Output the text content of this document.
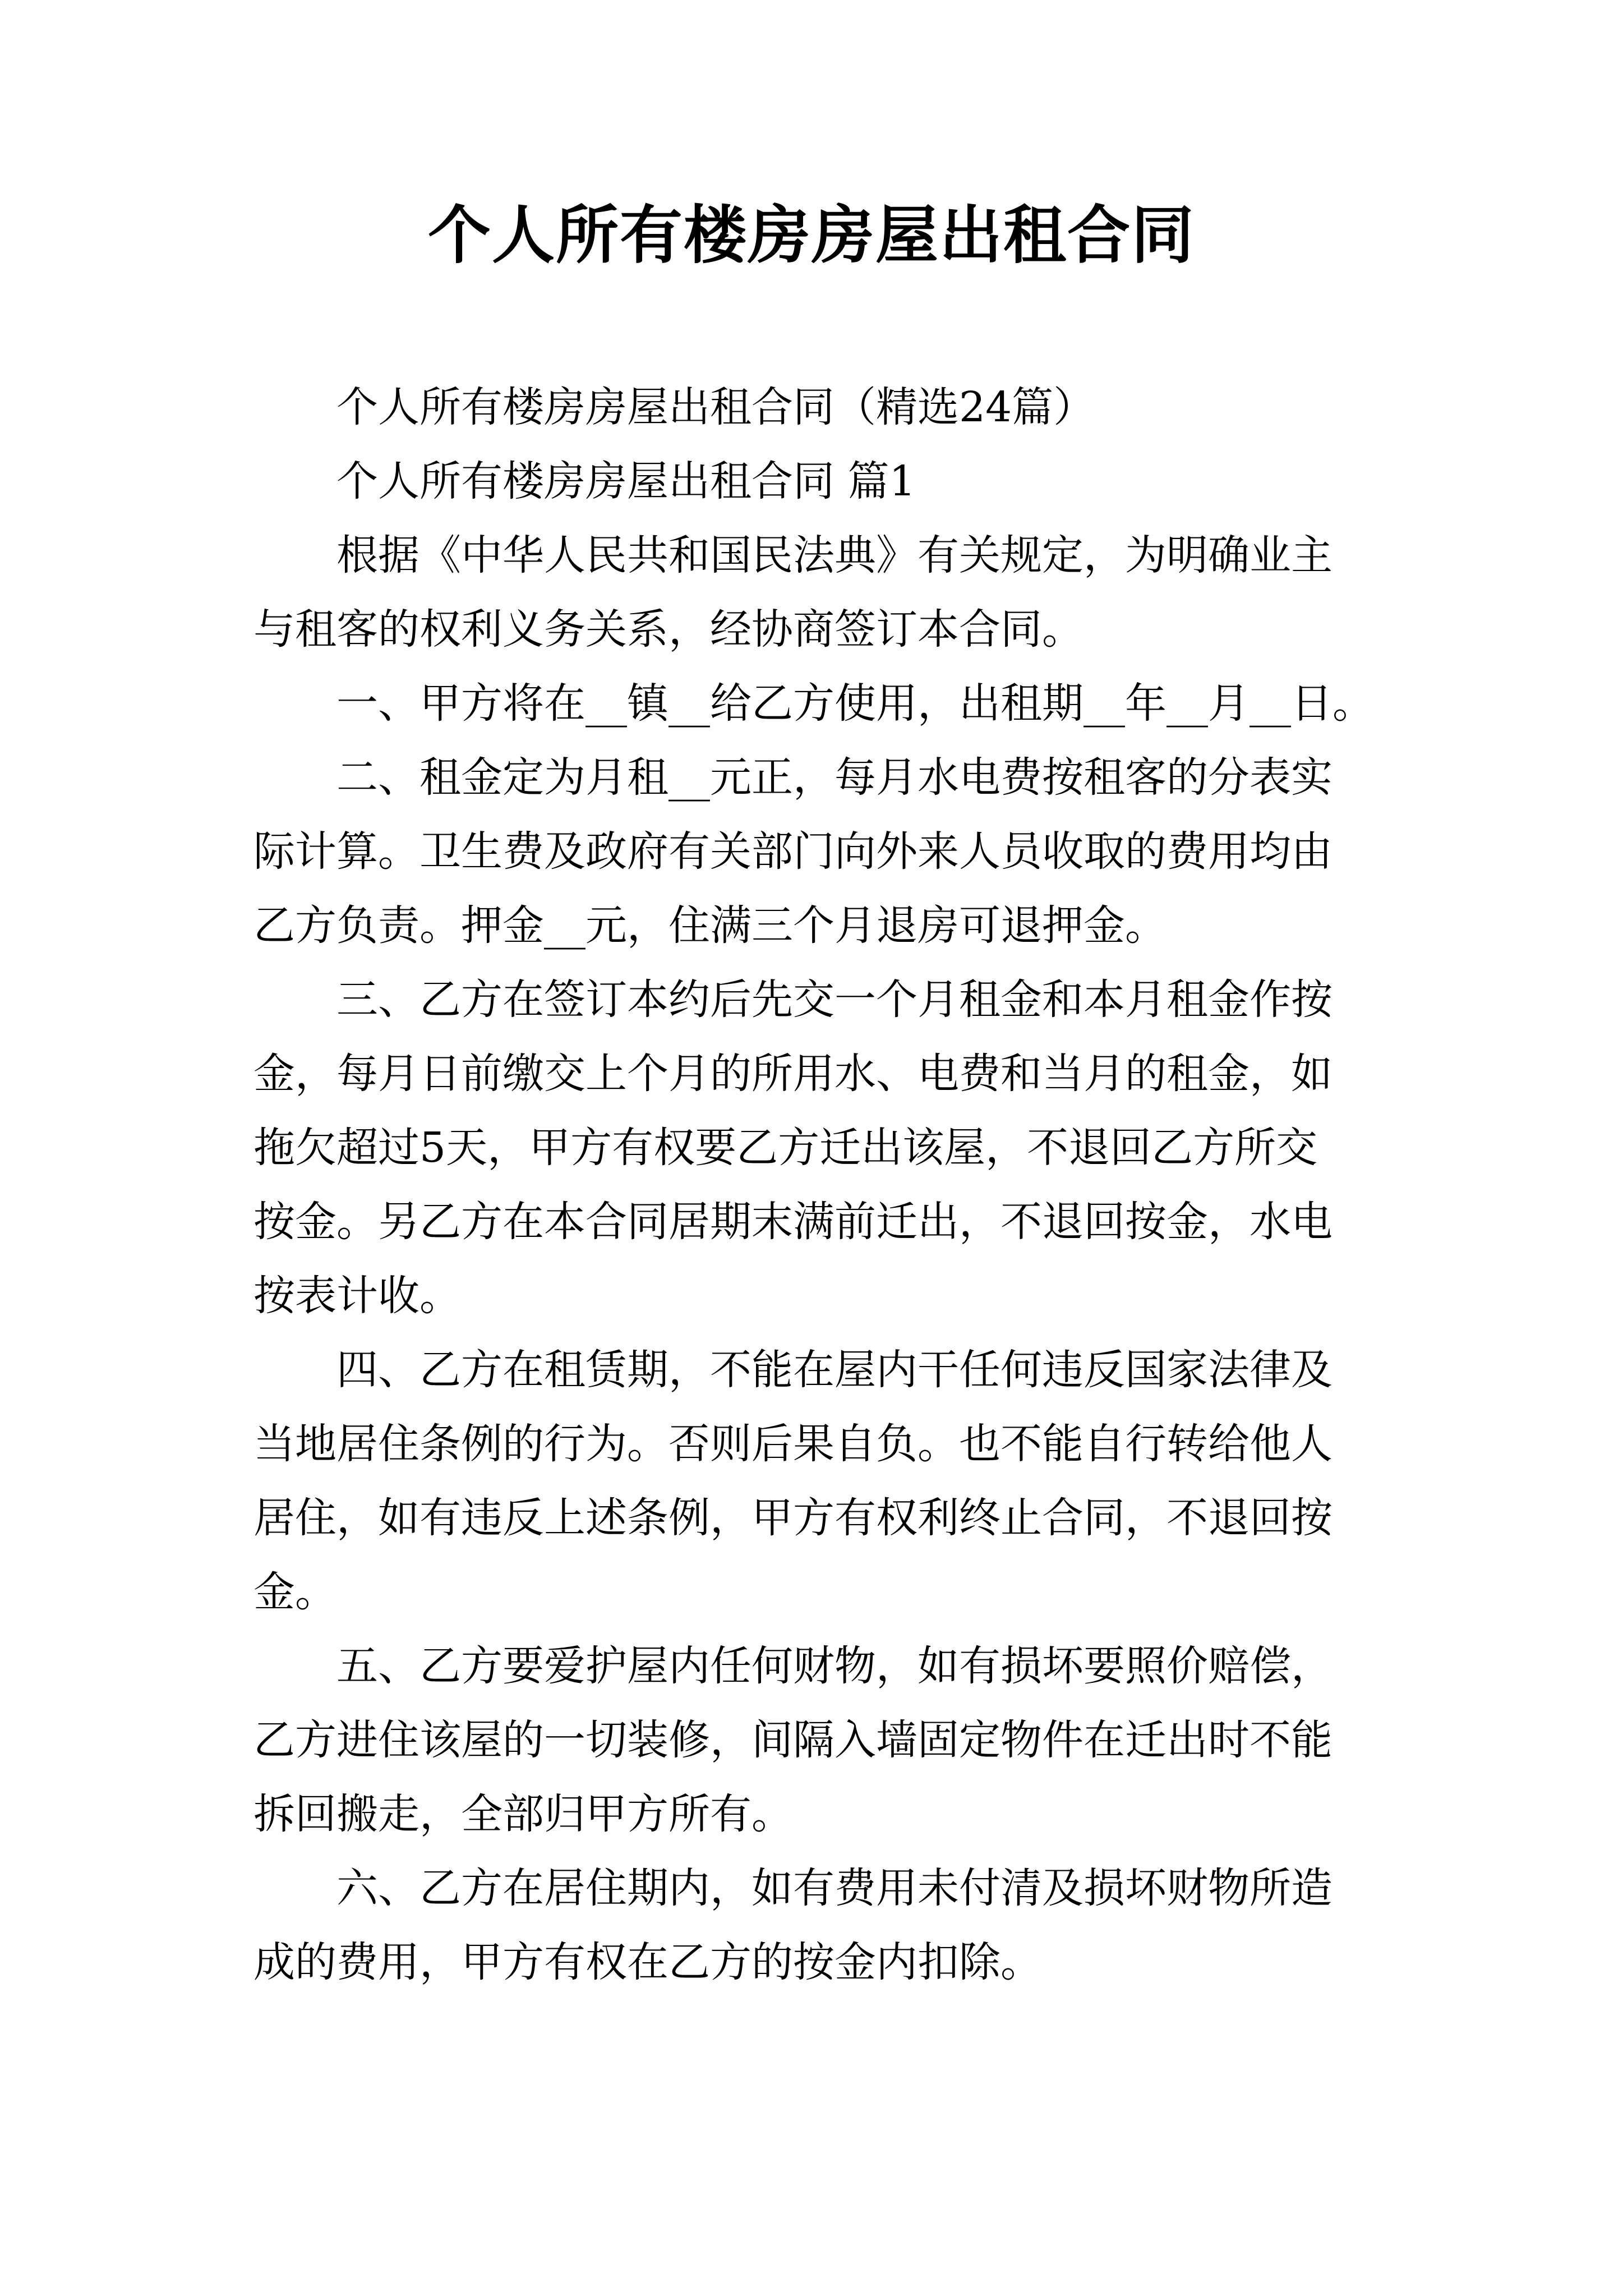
个人所有楼房房屋出租合同
个人所有楼房房屋出租合同（精选24篇）
个人所有楼房房屋出租合同 篇1
根据《中华人民共和国民法典》有关规定，为明确业主
与租客的权利义务关系，经协商签订本合同。
一、甲方将在__镇__给乙方使用，出租期__年__月__日。
二、租金定为月租__元正，每月水电费按租客的分表实
际计算。卫生费及政府有关部门向外来人员收取的费用均由
乙方负责。押金__元，住满三个月退房可退押金。
三、乙方在签订本约后先交一个月租金和本月租金作按
金，每月日前缴交上个月的所用水、电费和当月的租金，如
拖欠超过5天，甲方有权要乙方迁出该屋，不退回乙方所交
按金。另乙方在本合同居期末满前迁出，不退回按金，水电
按表计收。
四、乙方在租赁期，不能在屋内干任何违反国家法律及
当地居住条例的行为。否则后果自负。也不能自行转给他人
居住，如有违反上述条例，甲方有权利终止合同，不退回按
金。
五、乙方要爱护屋内任何财物，如有损坏要照价赔偿，
乙方进住该屋的一切装修，间隔入墙固定物件在迁出时不能
拆回搬走，全部归甲方所有。
六、乙方在居住期内，如有费用未付清及损坏财物所造
成的费用，甲方有权在乙方的按金内扣除。
